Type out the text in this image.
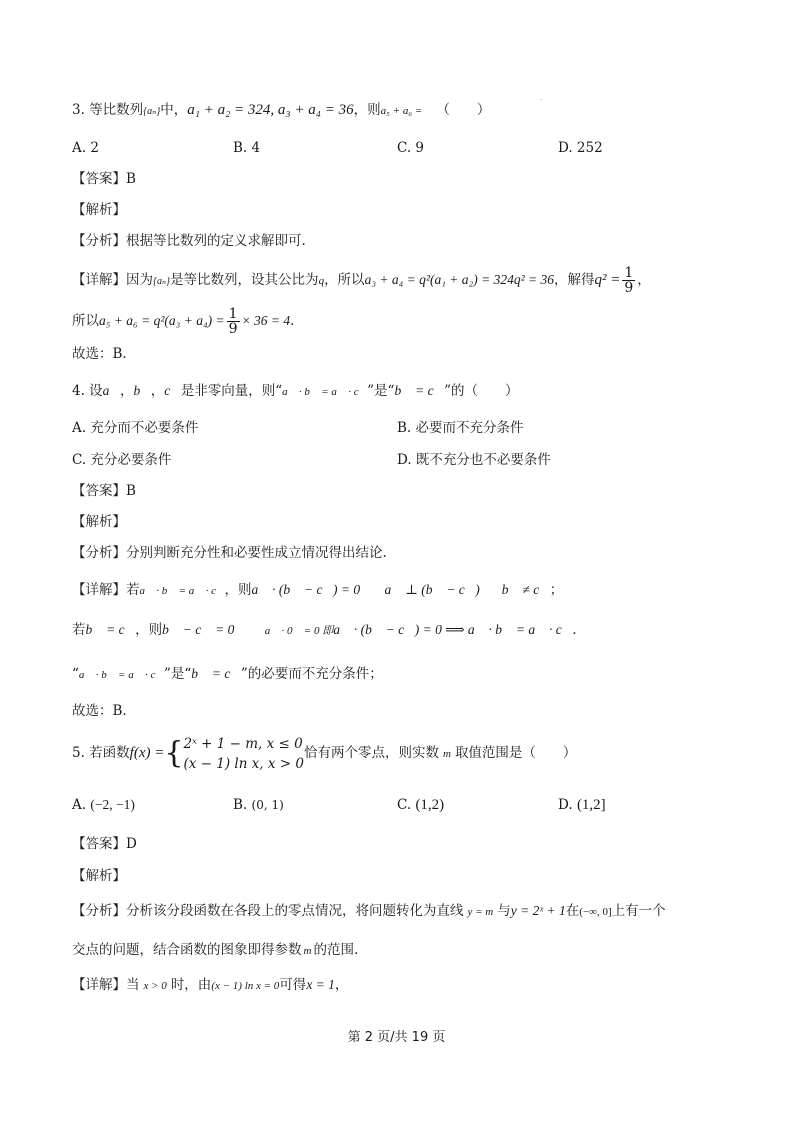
·
3. 等比数列{aₙ}中，a₁ + a₂ = 324, a₃ + a₄ = 36，则a₅ + a₆ = （　　）
A. 2	B. 4	C. 9	D. 252
【答案】B
【解析】
【分析】根据等比数列的定义求解即可.
【详解】因为{aₙ}是等比数列，设其公比为q，所以a₃ + a₄ = q²(a₁ + a₂) = 324q² = 36，解得$q^2 = \frac{1}{9}$ ，
所以$a_5 + a_6 = q^2(a_3 + a_4) = \frac{1}{9} \times 36 = 4$.
故选：B.
4. 设a⃗，b⃗，c⃗是非零向量，则“a⃗ · b⃗ = a⃗ · c⃗”是“b⃗ = c⃗”的（　　）
A. 充分而不必要条件	B. 必要而不充分条件
C. 充分必要条件	D. 既不充分也不必要条件
【答案】B
【解析】
【分析】分别判断充分性和必要性成立情况得出结论.
【详解】若a⃗ · b⃗ = a⃗ · c⃗，则a⃗ · (b⃗ − c⃗) = 0，∴ a⃗ ⊥ (b⃗ − c⃗) b⃗ ≠ c⃗；
若b⃗ = c⃗，则b⃗ − c⃗ = 0⃗，∴ a⃗ · 0⃗ = 0 即a⃗ · (b⃗ − c⃗) = 0 ⟹ a⃗ · b⃗ = a⃗ · c⃗.
“a⃗ · b⃗ = a⃗ · c⃗”是“b⃗ = c⃗”的必要而不充分条件；
故选：B.
5. 若函数f(x) ={ 2ˣ + 1 − m, x ≤ 0
(x − 1) ln x, x > 0
恰有两个零点，则实数 m 取值范围是（　　）
A. (−2, −1)	B. (0, 1)	C. (1,2)	D. (1,2]
【答案】D
【解析】
【分析】分析该分段函数在各段上的零点情况，将问题转化为直线 y = m 与y = 2ˣ + 1在(−∞, 0]上有一个
交点的问题，结合函数的图象即得参数 m 的范围.
【详解】当 x > 0 时，由(x − 1) ln x = 0可得x = 1，
第 2 页/共 19 页
